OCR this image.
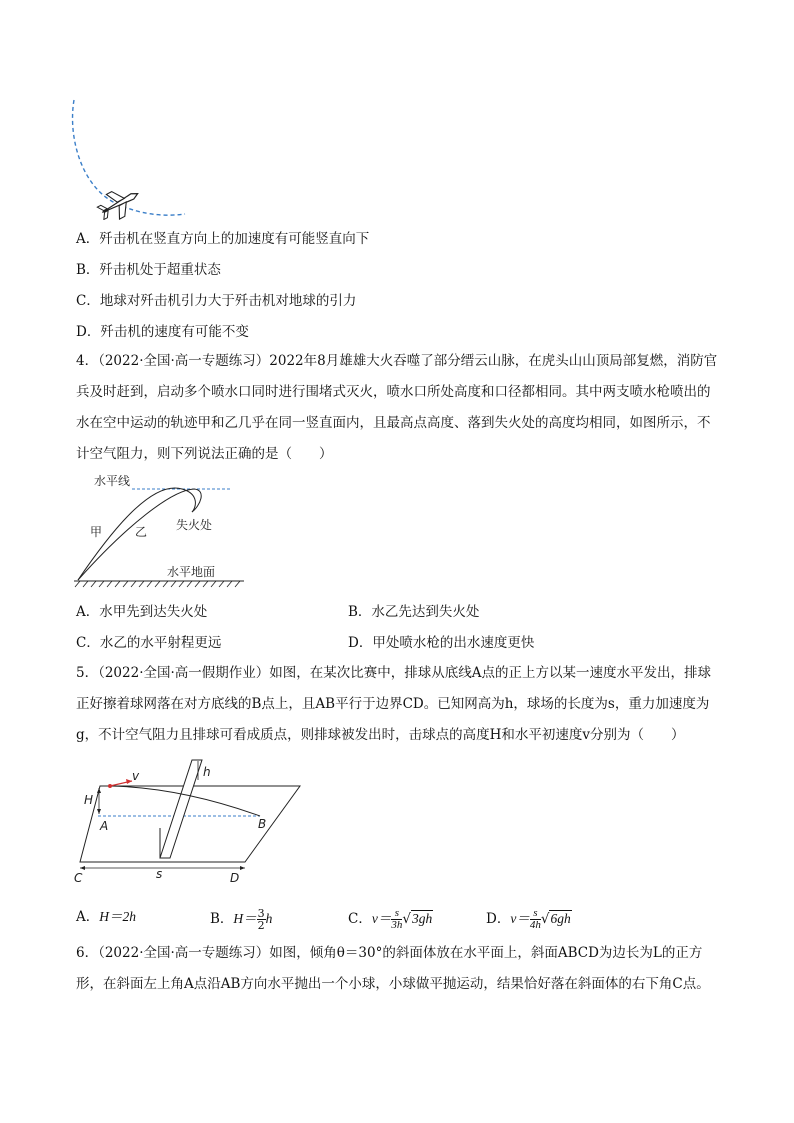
A．歼击机在竖直方向上的加速度有可能竖直向下
B．歼击机处于超重状态
C．地球对歼击机引力大于歼击机对地球的引力
D．歼击机的速度有可能不变
4．（2022·全国·高一专题练习）2022年8月雄雄大火吞噬了部分缙云山脉，在虎头山山顶局部复燃，消防官兵及时赶到，启动多个喷水口同时进行围堵式灭火，喷水口所处高度和口径都相同。其中两支喷水枪喷出的水在空中运动的轨迹甲和乙几乎在同一竖直面内，且最高点高度、落到失火处的高度均相同，如图所示，不计空气阻力，则下列说法正确的是（　　）
水平线
甲	乙 失火处
水平地面
A．水甲先到达失火处	B．水乙先达到失火处
C．水乙的水平射程更远	D．甲处喷水枪的出水速度更快
5．（2022·全国·高一假期作业）如图，在某次比赛中，排球从底线A点的正上方以某一速度水平发出，排球正好擦着球网落在对方底线的B点上，且AB平行于边界CD。已知网高为h，球场的长度为s，重力加速度为g，不计空气阻力且排球可看成质点，则排球被发出时，击球点的高度H和水平初速度v分别为（　　）
v	h
H
A	B
C	s	D
A．H＝2h	B．$H= \frac{3}{2}$ h	C．$v= \frac{s}{3h} √3gh$	D．$v= \frac{s}{4h} √6gh$
6．（2022·全国·高一专题练习）如图，倾角θ＝30°的斜面体放在水平面上，斜面ABCD为边长为L的正方形，在斜面左上角A点沿AB方向水平抛出一个小球，小球做平抛运动，结果恰好落在斜面体的右下角C点。
